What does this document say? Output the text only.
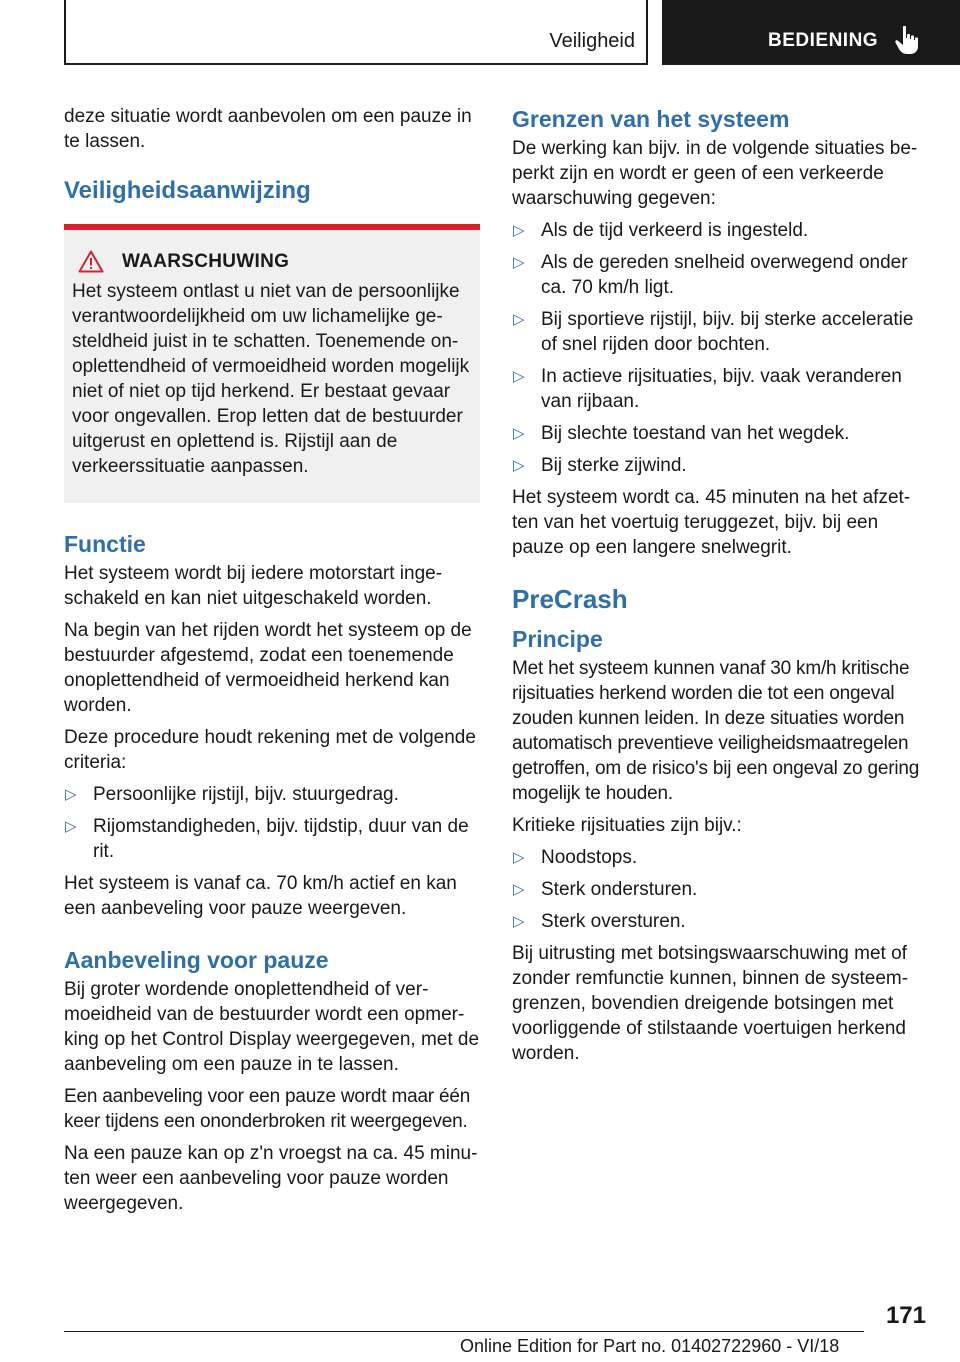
Veiligheid	BEDIENING

deze situatie wordt aanbevolen om een pauze in te lassen.

Veiligheidsaanwijzing
WAARSCHUWING

Het systeem ontlast u niet van de persoonlijke verantwoordelijkheid om uw lichamelijke gesteldheid juist in te schatten. Toenemende onoplettendheid of vermoeidheid worden mogelijk niet of niet op tijd herkend. Er bestaat gevaar voor ongevallen. Erop letten dat de bestuurder uitgerust en oplettend is. Rijstijl aan de verkeerssituatie aanpassen.

Functie

Het systeem wordt bij iedere motorstart ingeschakeld en kan niet uitgeschakeld worden.

Na begin van het rijden wordt het systeem op de bestuurder afgestemd, zodat een toenemende onoplettendheid of vermoeidheid herkend kan worden.

Deze procedure houdt rekening met de volgende criteria:

▷ Persoonlijke rijstijl, bijv. stuurgedrag.
▷ Rijomstandigheden, bijv. tijdstip, duur van de rit.

Het systeem is vanaf ca. 70 km/h actief en kan een aanbeveling voor pauze weergeven.

Aanbeveling voor pauze

Bij groter wordende onoplettendheid of vermoeidheid van de bestuurder wordt een opmerking op het Control Display weergegeven, met de aanbeveling om een pauze in te lassen.

Een aanbeveling voor een pauze wordt maar één keer tijdens een ononderbroken rit weergegeven.

Na een pauze kan op z'n vroegst na ca. 45 minuten weer een aanbeveling voor pauze worden weergegeven.

Grenzen van het systeem

De werking kan bijv. in de volgende situaties beperkt zijn en wordt er geen of een verkeerde waarschuwing gegeven:

▷ Als de tijd verkeerd is ingesteld.
▷ Als de gereden snelheid overwegend onder ca. 70 km/h ligt.
▷ Bij sportieve rijstijl, bijv. bij sterke acceleratie of snel rijden door bochten.
▷ In actieve rijsituaties, bijv. vaak veranderen van rijbaan.
▷ Bij slechte toestand van het wegdek.
▷ Bij sterke zijwind.

Het systeem wordt ca. 45 minuten na het afzetten van het voertuig teruggezet, bijv. bij een pauze op een langere snelwegrit.

PreCrash
Principe

Met het systeem kunnen vanaf 30 km/h kritische rijsituaties herkend worden die tot een ongeval zouden kunnen leiden. In deze situaties worden automatisch preventieve veiligheidsmaatregelen getroffen, om de risico's bij een ongeval zo gering mogelijk te houden.

Kritieke rijsituaties zijn bijv.:

▷ Noodstops.
▷ Sterk ondersturen.
▷ Sterk oversturen.

Bij uitrusting met botsingswaarschuwing met of zonder remfunctie kunnen, binnen de systeemgrenzen, bovendien dreigende botsingen met voorliggende of stilstaande voertuigen herkend worden.

171
Online Edition for Part no. 01402722960 - VI/18
